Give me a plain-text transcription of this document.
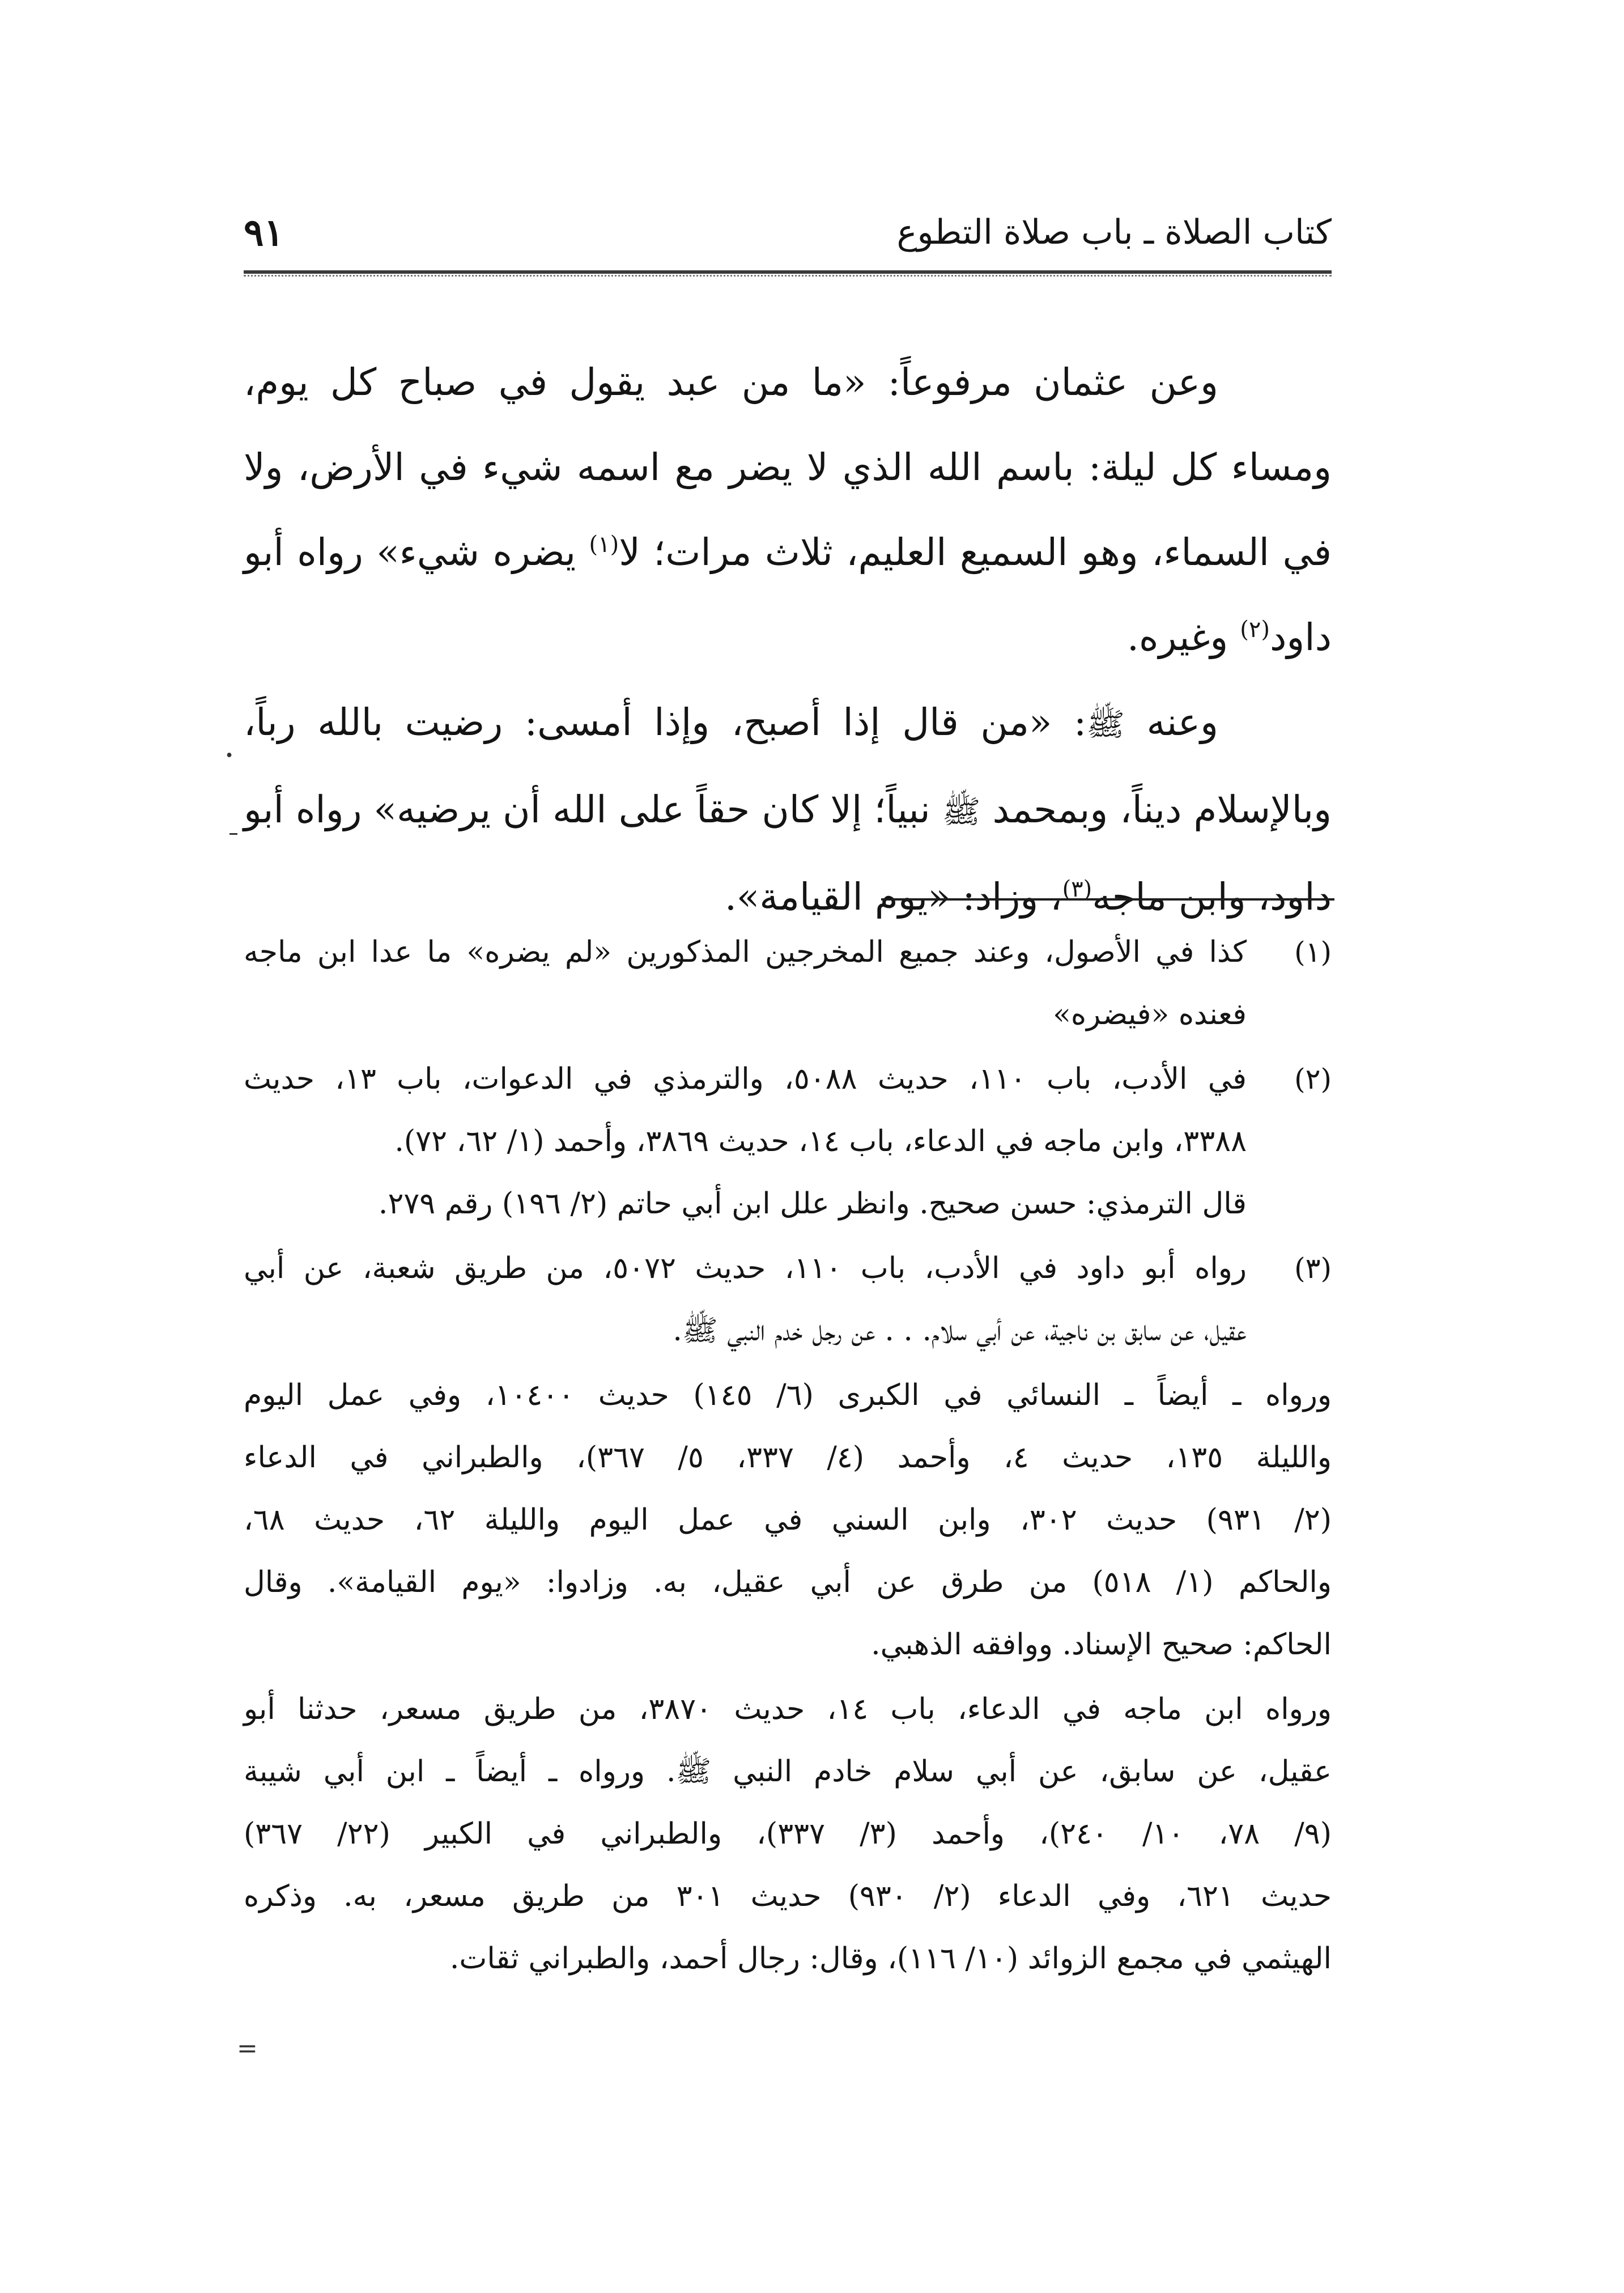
كتاب الصلاة ـ باب صلاة التطوع
٩١

وعن عثمان مرفوعاً: «ما من عبد يقول في صباح كل يوم، ومساء كل ليلة: باسم الله الذي لا يضر مع اسمه شيء في الأرض، ولا في السماء، وهو السميع العليم، ثلاث مرات؛ لا$^{(١)}$ يضره شيء» رواه أبو داود$^{(٢)}$ وغيره.

وعنه ﷺ: «من قال إذا أصبح، وإذا أمسى: رضيت بالله رباً، وبالإسلام ديناً، وبمحمد ﷺ نبياً؛ إلا كان حقاً على الله أن يرضيه» رواه أبو داود، وابن ماجه$^{(٣)}$، وزاد: «يوم القيامة».

.
(١)
كذا في الأصول، وعند جميع المخرجين المذكورين «لم يضره» ما عدا ابن ماجه
فعنده «فيضره»
(٢)
في الأدب، باب ١١٠، حديث ٥٠٨٨، والترمذي في الدعوات، باب ١٣، حديث
٣٣٨٨، وابن ماجه في الدعاء، باب ١٤، حديث ٣٨٦٩، وأحمد (١/ ٦٢، ٧٢).
قال الترمذي: حسن صحيح. وانظر علل ابن أبي حاتم (٢/ ١٩٦) رقم ٢٧٩.
(٣)
رواه أبو داود في الأدب، باب ١١٠، حديث ٥٠٧٢، من طريق شعبة، عن أبي
عقيل، عن سابق بن ناجية، عن أبي سلام. . . عن رجل خدم النبي ﷺ.
ورواه ـ أيضاً ـ النسائي في الكبرى (٦/ ١٤٥) حديث ١٠٤٠٠، وفي عمل اليوم
والليلة ١٣٥، حديث ٤، وأحمد (٤/ ٣٣٧، ٥/ ٣٦٧)، والطبراني في الدعاء
(٢/ ٩٣١) حديث ٣٠٢، وابن السني في عمل اليوم والليلة ٦٢، حديث ٦٨،
والحاكم (١/ ٥١٨) من طرق عن أبي عقيل، به. وزادوا: «يوم القيامة». وقال
الحاكم: صحيح الإسناد. ووافقه الذهبي.
ورواه ابن ماجه في الدعاء، باب ١٤، حديث ٣٨٧٠، من طريق مسعر، حدثنا أبو
عقيل، عن سابق، عن أبي سلام خادم النبي ﷺ. ورواه ـ أيضاً ـ ابن أبي شيبة
(٩/ ٧٨، ١٠/ ٢٤٠)، وأحمد (٣/ ٣٣٧)، والطبراني في الكبير (٢٢/ ٣٦٧)
حديث ٦٢١، وفي الدعاء (٢/ ٩٣٠) حديث ٣٠١ من طريق مسعر، به. وذكره
الهيثمي في مجمع الزوائد (١٠/ ١١٦)، وقال: رجال أحمد، والطبراني ثقات.
=
